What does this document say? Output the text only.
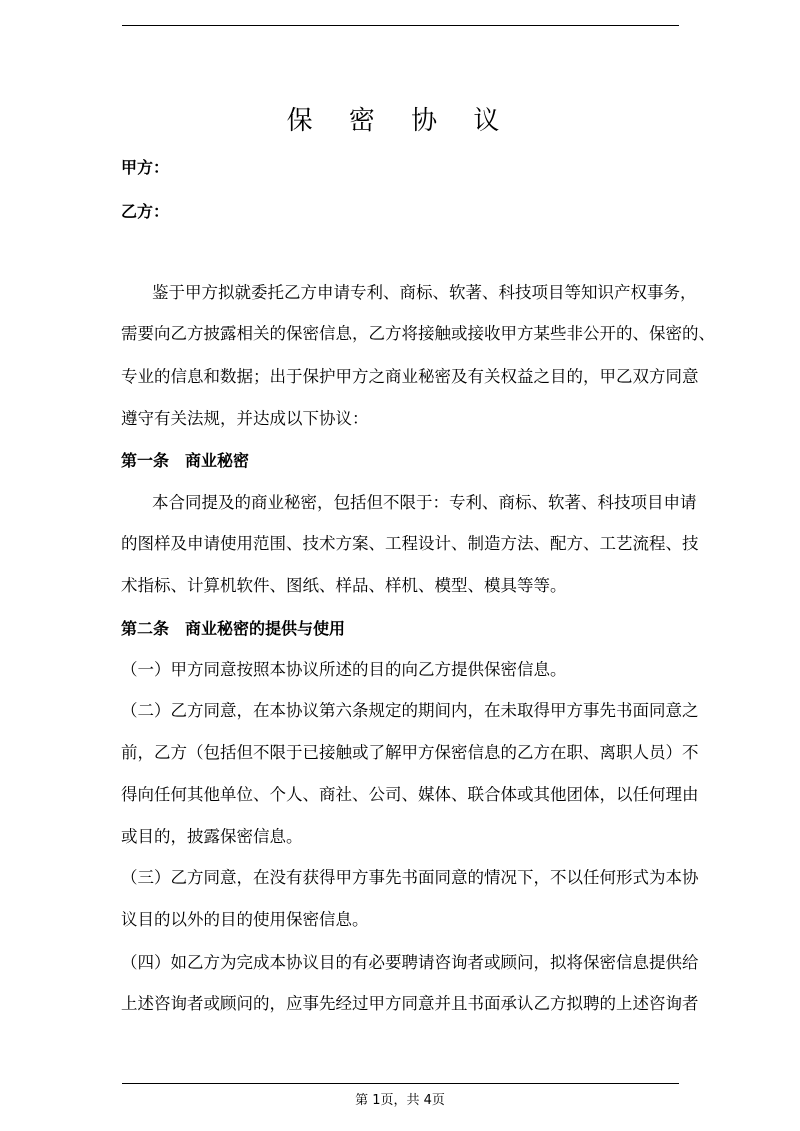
保 密 协 议
甲方：
乙方：
鉴于甲方拟就委托乙方申请专利、商标、软著、科技项目等知识产权事务，
需要向乙方披露相关的保密信息，乙方将接触或接收甲方某些非公开的、保密的、
专业的信息和数据；出于保护甲方之商业秘密及有关权益之目的，甲乙双方同意
遵守有关法规，并达成以下协议：
第一条　商业秘密
本合同提及的商业秘密，包括但不限于：专利、商标、软著、科技项目申请
的图样及申请使用范围、技术方案、工程设计、制造方法、配方、工艺流程、技
术指标、计算机软件、图纸、样品、样机、模型、模具等等。
第二条　商业秘密的提供与使用
（一）甲方同意按照本协议所述的目的向乙方提供保密信息。
（二）乙方同意，在本协议第六条规定的期间内，在未取得甲方事先书面同意之
前，乙方（包括但不限于已接触或了解甲方保密信息的乙方在职、离职人员）不
得向任何其他单位、个人、商社、公司、媒体、联合体或其他团体，以任何理由
或目的，披露保密信息。
（三）乙方同意，在没有获得甲方事先书面同意的情况下，不以任何形式为本协
议目的以外的目的使用保密信息。
（四）如乙方为完成本协议目的有必要聘请咨询者或顾问，拟将保密信息提供给
上述咨询者或顾问的，应事先经过甲方同意并且书面承认乙方拟聘的上述咨询者
第 1页，共 4页
